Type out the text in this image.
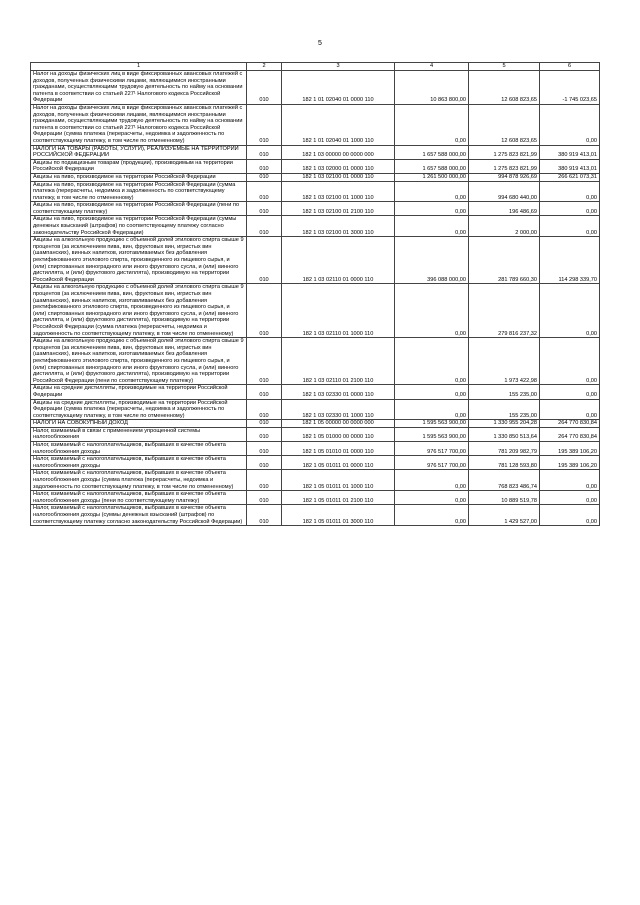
5
1	2	3	4	5	6
Налог на доходы физических лиц в виде фиксированных авансовых платежей с доходов, полученных физическими лицами, являющимися иностранными гражданами, осуществляющими трудовую деятельность по найму на основании патента в соответствии со статьей 227¹ Налогового кодекса Российской Федерации	010	182 1 01 02040 01 0000 110	10 863 800,00	12 608 823,65	-1 745 023,65
Налог на доходы физических лиц в виде фиксированных авансовых платежей с доходов, полученных физическими лицами, являющимися иностранными гражданами, осуществляющими трудовую деятельность по найму на основании патента в соответствии со статьей 227¹ Налогового кодекса Российской Федерации (сумма платежа (перерасчеты, недоимка и задолженность по соответствующему платежу, в том числе по отмененному)	010	182 1 01 02040 01 1000 110	0,00	12 608 823,65	0,00
НАЛОГИ НА ТОВАРЫ (РАБОТЫ, УСЛУГИ), РЕАЛИЗУЕМЫЕ НА ТЕРРИТОРИИ РОССИЙСКОЙ ФЕДЕРАЦИИ	010	182 1 03 00000 00 0000 000	1 657 588 000,00	1 275 823 821,99	380 919 413,01
Акцизы по подакцизным товарам (продукции), производимым на территории Российской Федерации	010	182 1 03 02000 01 0000 110	1 657 588 000,00	1 275 823 821,99	380 919 413,01
Акцизы на пиво, производимое на территории Российской Федерации	010	182 1 03 02100 01 0000 110	1 261 500 000,00	994 878 926,69	266 621 073,31
Акцизы на пиво, производимое на территории Российской Федерации (сумма платежа (перерасчеты, недоимка и задолженность по соответствующему платежу, в том числе по отмененному)	010	182 1 03 02100 01 1000 110	0,00	994 680 440,00	0,00
Акцизы на пиво, производимое на территории Российской Федерации (пени по соответствующему платежу)	010	182 1 03 02100 01 2100 110	0,00	196 486,69	0,00
Акцизы на пиво, производимое на территории Российской Федерации (суммы денежных взысканий (штрафов) по соответствующему платежу согласно законодательству Российской Федерации)	010	182 1 03 02100 01 3000 110	0,00	2 000,00	0,00
Акцизы на алкогольную продукцию с объемной долей этилового спирта свыше 9 процентов (за исключением пива, вин, фруктовых вин, игристых вин (шампанских), винных напитков, изготавливаемых без добавления ректификованного этилового спирта, произведенного из пищевого сырья, и (или) спиртованных виноградного или иного фруктового сусла, и (или) винного дистиллята, и (или) фруктового дистиллята), производимую на территории Российской Федерации	010	182 1 03 02110 01 0000 110	396 088 000,00	281 789 660,30	114 298 339,70
Акцизы на алкогольную продукцию с объемной долей этилового спирта свыше 9 процентов (за исключением пива, вин, фруктовых вин, игристых вин (шампанских), винных напитков, изготавливаемых без добавления ректификованного этилового спирта, произведенного из пищевого сырья, и (или) спиртованных виноградного или иного фруктового сусла, и (или) винного дистиллята, и (или) фруктового дистиллята), производимую на территории Российской Федерации (сумма платежа (перерасчеты, недоимка и задолженность по соответствующему платежу, в том числе по отмененному)	010	182 1 03 02110 01 1000 110	0,00	279 816 237,32	0,00
Акцизы на алкогольную продукцию с объемной долей этилового спирта свыше 9 процентов (за исключением пива, вин, фруктовых вин, игристых вин (шампанских), винных напитков, изготавливаемых без добавления ректификованного этилового спирта, произведенного из пищевого сырья, и (или) спиртованных виноградного или иного фруктового сусла, и (или) винного дистиллята, и (или) фруктового дистиллята), производимую на территории Российской Федерации (пени по соответствующему платежу)	010	182 1 03 02110 01 2100 110	0,00	1 973 422,98	0,00
Акцизы на средние дистилляты, производимые на территории Российской Федерации	010	182 1 03 02330 01 0000 110	0,00	155 235,00	0,00
Акцизы на средние дистилляты, производимые на территории Российской Федерации (сумма платежа (перерасчеты, недоимка и задолженность по соответствующему платежу, в том числе по отмененному)	010	182 1 03 02330 01 1000 110	0,00	155 235,00	0,00
НАЛОГИ НА СОВОКУПНЫЙ ДОХОД	010	182 1 05 00000 00 0000 000	1 595 563 900,00	1 330 955 204,28	264 770 830,84
Налог, взимаемый в связи с применением упрощенной системы налогообложения	010	182 1 05 01000 00 0000 110	1 595 563 900,00	1 330 850 513,64	264 770 830,84
Налог, взимаемый с налогоплательщиков, выбравших в качестве объекта налогообложения доходы	010	182 1 05 01010 01 0000 110	976 517 700,00	781 209 982,79	195 389 106,20
Налог, взимаемый с налогоплательщиков, выбравших в качестве объекта налогообложения доходы	010	182 1 05 01011 01 0000 110	976 517 700,00	781 128 593,80	195 389 106,20
Налог, взимаемый с налогоплательщиков, выбравших в качестве объекта налогообложения доходы (сумма платежа (перерасчеты, недоимка и задолженность по соответствующему платежу, в том числе по отмененному)	010	182 1 05 01011 01 1000 110	0,00	768 823 486,74	0,00
Налог, взимаемый с налогоплательщиков, выбравших в качестве объекта налогообложения доходы (пени по соответствующему платежу)	010	182 1 05 01011 01 2100 110	0,00	10 889 519,78	0,00
Налог, взимаемый с налогоплательщиков, выбравших в качестве объекта налогообложения доходы (суммы денежных взысканий (штрафов) по соответствующему платежу согласно законодательству Российской Федерации)	010	182 1 05 01011 01 3000 110	0,00	1 429 527,00	0,00
